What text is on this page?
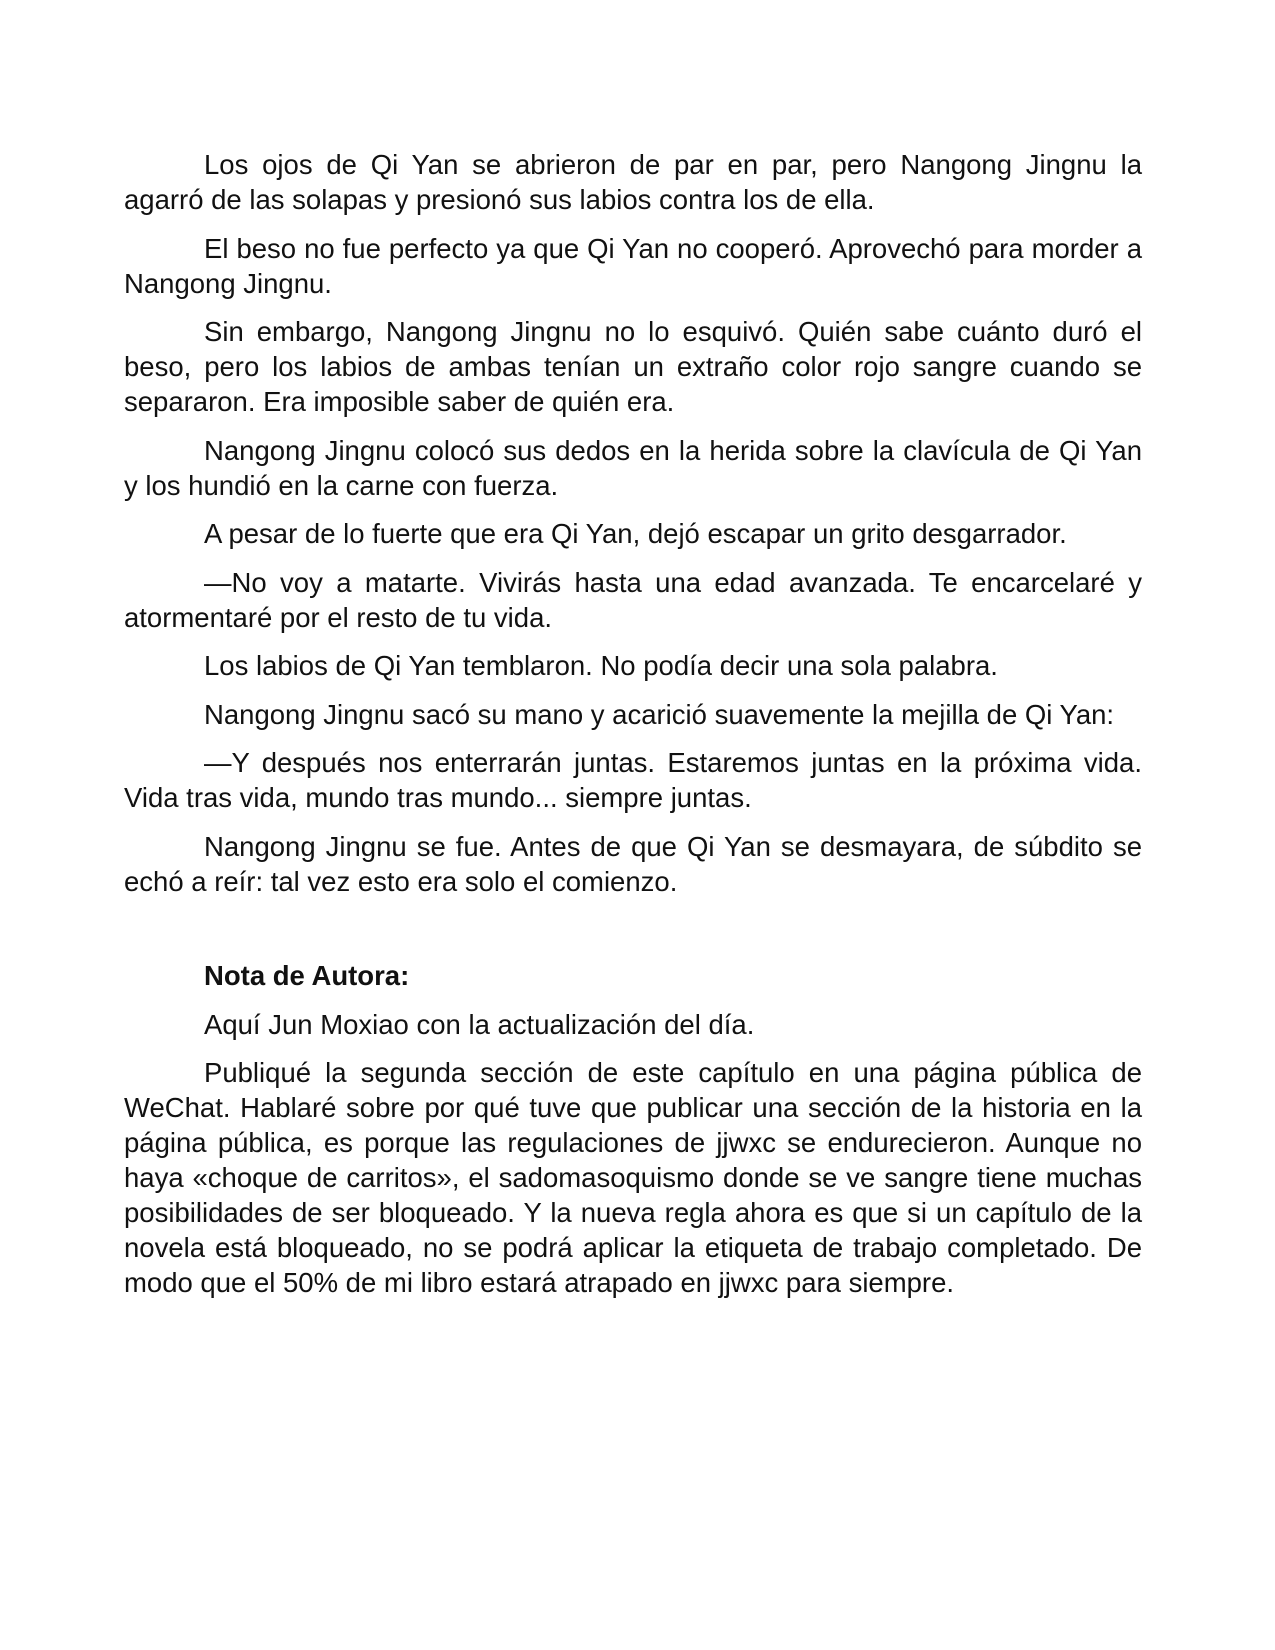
Los ojos de Qi Yan se abrieron de par en par, pero Nangong Jingnu la agarró de las solapas y presionó sus labios contra los de ella.

El beso no fue perfecto ya que Qi Yan no cooperó. Aprovechó para morder a Nangong Jingnu.

Sin embargo, Nangong Jingnu no lo esquivó. Quién sabe cuánto duró el beso, pero los labios de ambas tenían un extraño color rojo sangre cuando se separaron. Era imposible saber de quién era.

Nangong Jingnu colocó sus dedos en la herida sobre la clavícula de Qi Yan y los hundió en la carne con fuerza.

A pesar de lo fuerte que era Qi Yan, dejó escapar un grito desgarrador.

—No voy a matarte. Vivirás hasta una edad avanzada. Te encarcelaré y atormentaré por el resto de tu vida.

Los labios de Qi Yan temblaron. No podía decir una sola palabra.

Nangong Jingnu sacó su mano y acarició suavemente la mejilla de Qi Yan:

—Y después nos enterrarán juntas. Estaremos juntas en la próxima vida. Vida tras vida, mundo tras mundo... siempre juntas.

Nangong Jingnu se fue. Antes de que Qi Yan se desmayara, de súbdito se echó a reír: tal vez esto era solo el comienzo.

Nota de Autora:

Aquí Jun Moxiao con la actualización del día.

Publiqué la segunda sección de este capítulo en una página pública de WeChat. Hablaré sobre por qué tuve que publicar una sección de la historia en la página pública, es porque las regulaciones de jjwxc se endurecieron. Aunque no haya «choque de carritos», el sadomasoquismo donde se ve sangre tiene muchas posibilidades de ser bloqueado. Y la nueva regla ahora es que si un capítulo de la novela está bloqueado, no se podrá aplicar la etiqueta de trabajo completado. De modo que el 50% de mi libro estará atrapado en jjwxc para siempre.
